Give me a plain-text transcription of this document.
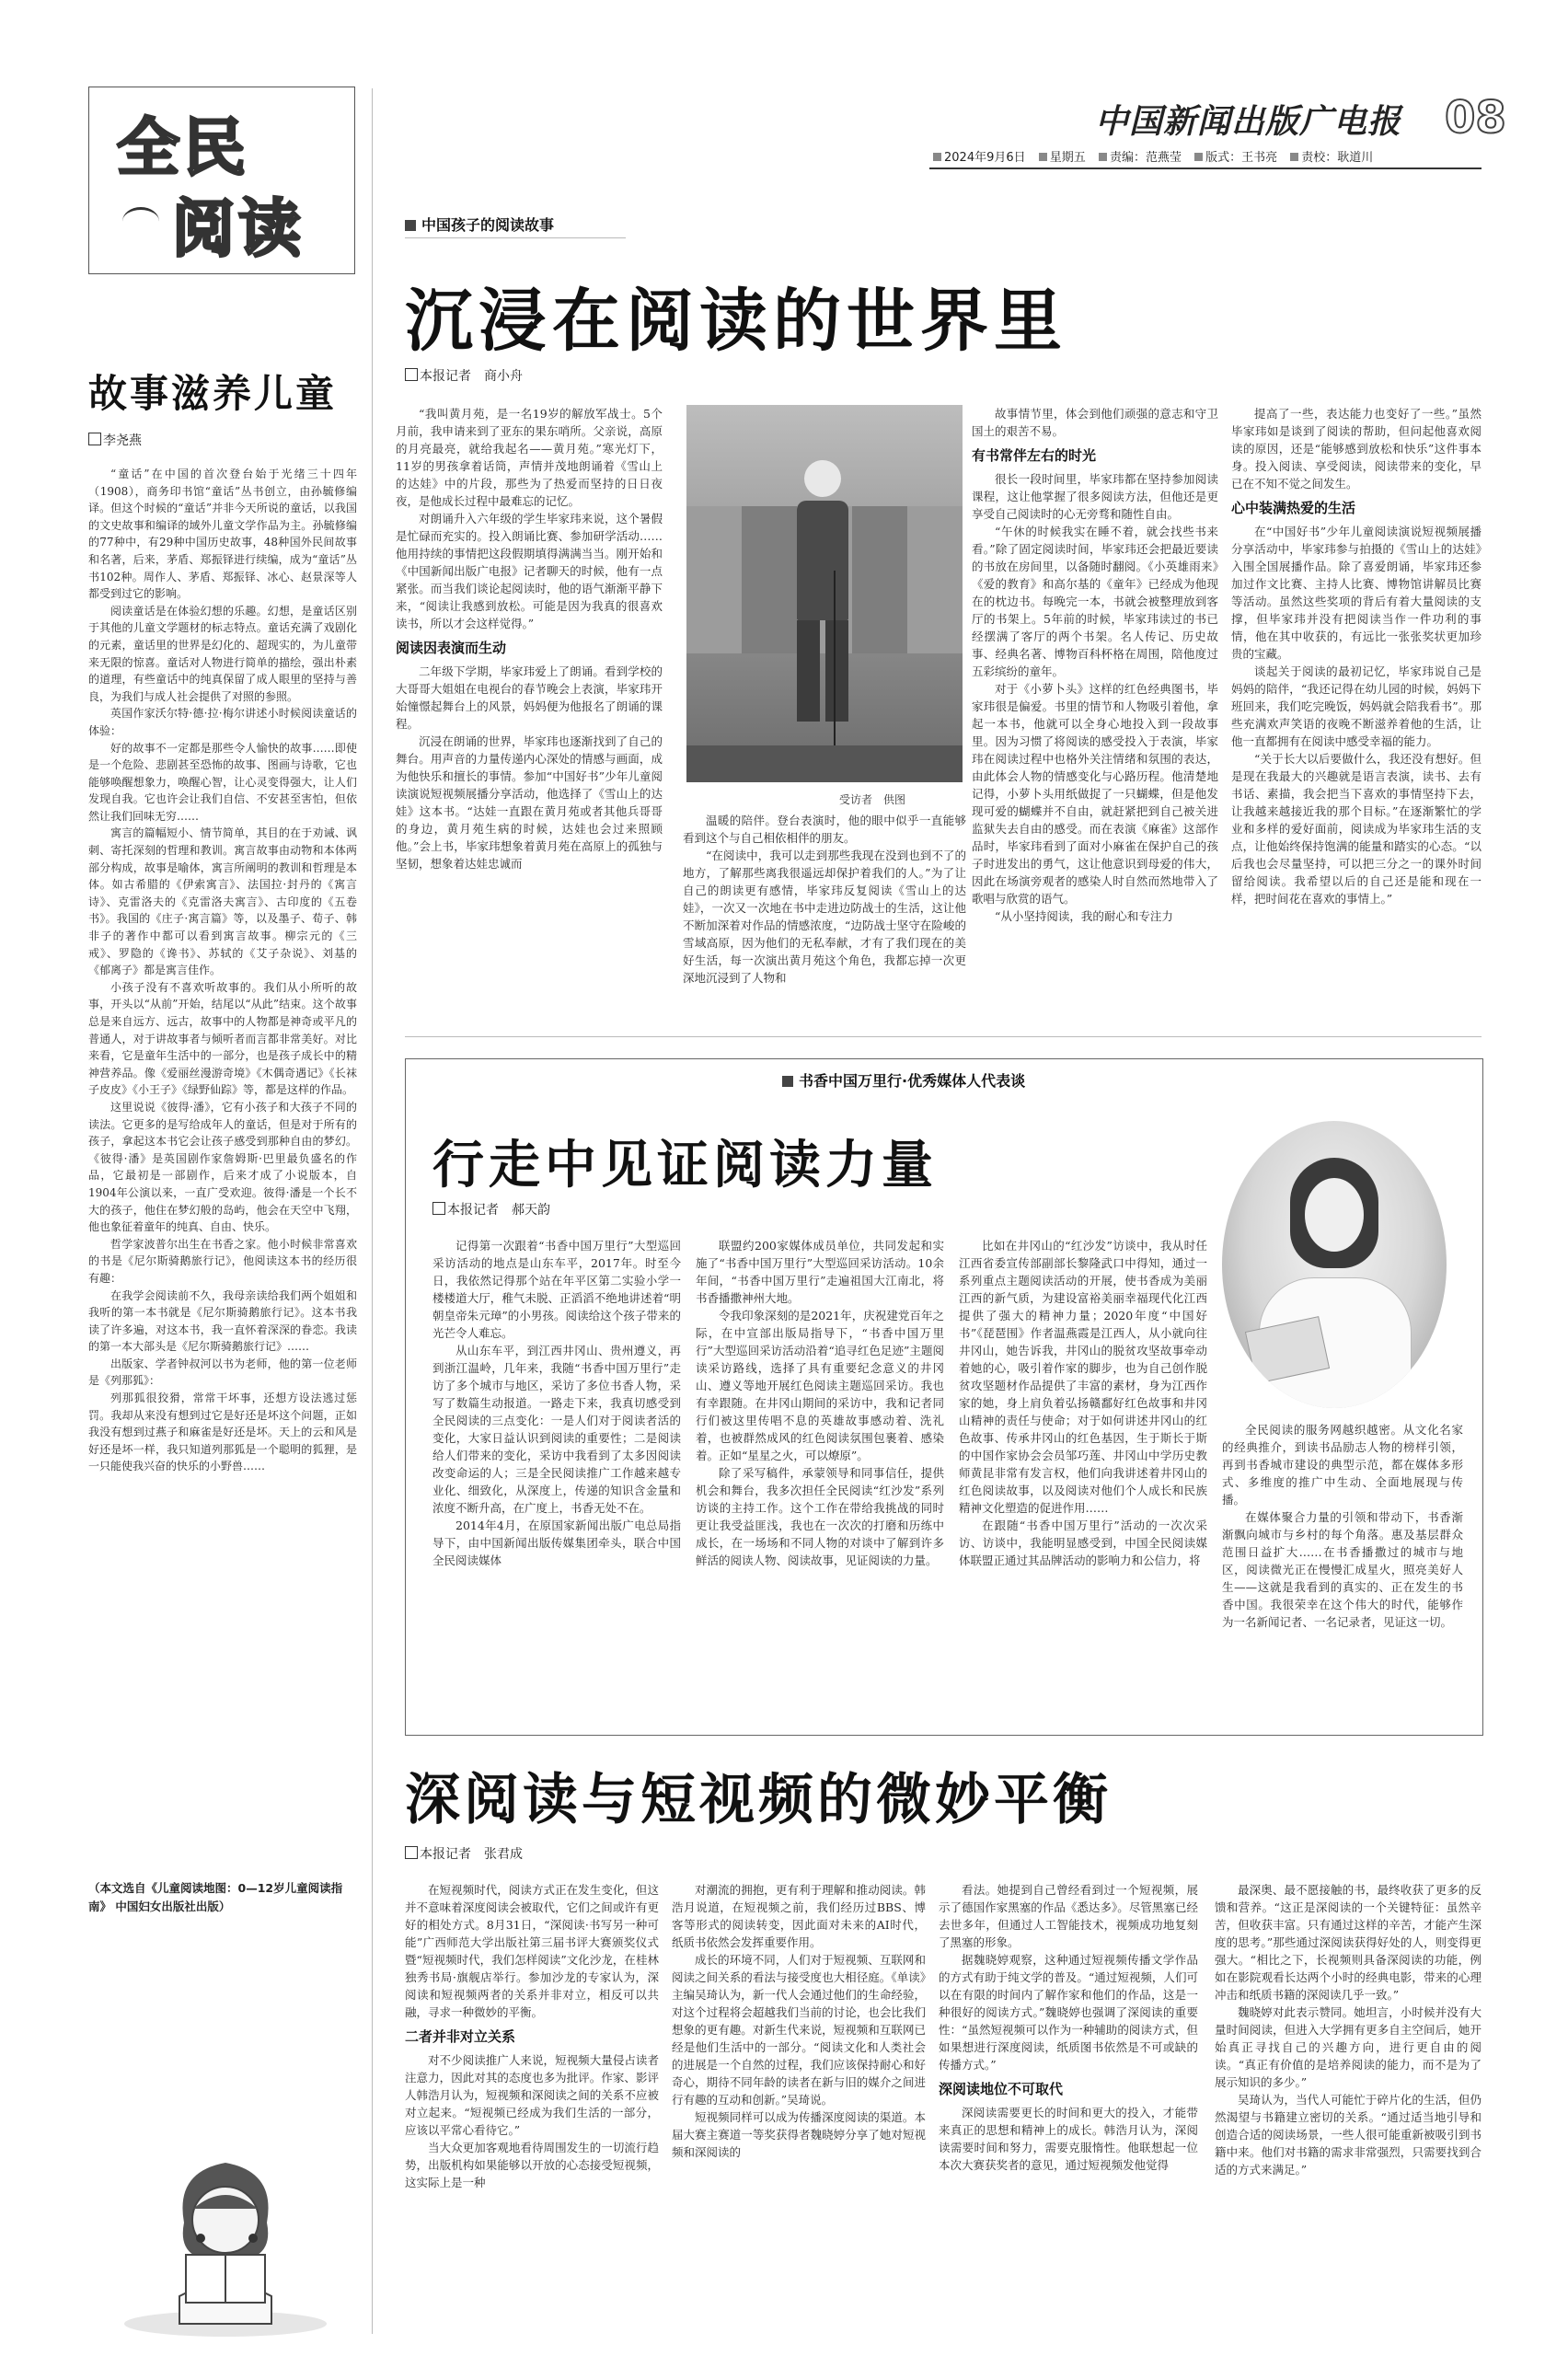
全民
阅读
故事滋养儿童
李尧燕

“童话”在中国的首次登台始于光绪三十四年（1908），商务印书馆“童话”丛书创立，由孙毓修编译。但这个时候的“童话”并非今天所说的童话，以我国的文史故事和编译的域外儿童文学作品为主。孙毓修编的77种中，有29种中国历史故事，48种国外民间故事和名著，后来，茅盾、郑振铎进行续编，成为“童话”丛书102种。周作人、茅盾、郑振铎、冰心、赵景深等人都受到过它的影响。

阅读童话是在体验幻想的乐趣。幻想，是童话区别于其他的儿童文学题材的标志特点。童话充满了戏剧化的元素，童话里的世界是幻化的、超现实的，为儿童带来无限的惊喜。童话对人物进行简单的描绘，强出朴素的道理，有些童话中的纯真保留了成人眼里的坚持与善良，为我们与成人社会提供了对照的参照。

英国作家沃尔特·德·拉·梅尔讲述小时候阅读童话的体验：

好的故事不一定都是那些令人愉快的故事……即使是一个危险、悲剧甚至恐怖的故事、图画与诗歌，它也能够唤醒想象力，唤醒心智，让心灵变得强大，让人们发现自我。它也许会让我们自信、不安甚至害怕，但依然让我们回味无穷……

寓言的篇幅短小、情节简单，其目的在于劝诫、讽刺、寄托深刻的哲理和教训。寓言故事由动物和本体两部分构成，故事是喻体，寓言所阐明的教训和哲理是本体。如古希腊的《伊索寓言》、法国拉·封丹的《寓言诗》、克雷洛夫的《克雷洛夫寓言》、古印度的《五卷书》。我国的《庄子·寓言篇》等，以及墨子、荀子、韩非子的著作中都可以看到寓言故事。柳宗元的《三戒》、罗隐的《谗书》、苏轼的《艾子杂说》、刘基的《郁离子》都是寓言佳作。

小孩子没有不喜欢听故事的。我们从小所听的故事，开头以“从前”开始，结尾以“从此”结束。这个故事总是来自远方、远古，故事中的人物都是神奇或平凡的普通人，对于讲故事者与倾听者而言都非常美好。对比来看，它是童年生活中的一部分，也是孩子成长中的精神营养品。像《爱丽丝漫游奇境》《木偶奇遇记》《长袜子皮皮》《小王子》《绿野仙踪》等，都是这样的作品。

这里说说《彼得·潘》，它有小孩子和大孩子不同的读法。它更多的是写给成年人的童话，但是对于所有的孩子，拿起这本书它会让孩子感受到那种自由的梦幻。《彼得·潘》是英国剧作家詹姆斯·巴里最负盛名的作品，它最初是一部剧作，后来才成了小说版本，自1904年公演以来，一直广受欢迎。彼得·潘是一个长不大的孩子，他住在梦幻般的岛屿，他会在天空中飞翔，他也象征着童年的纯真、自由、快乐。

哲学家波普尔出生在书香之家。他小时候非常喜欢的书是《尼尔斯骑鹅旅行记》，他阅读这本书的经历很有趣：

在我学会阅读前不久，我母亲读给我们两个姐姐和我听的第一本书就是《尼尔斯骑鹅旅行记》。这本书我读了许多遍，对这本书，我一直怀着深深的眷恋。我读的第一本大部头是《尼尔斯骑鹅旅行记》……

出版家、学者钟叔河以书为老师，他的第一位老师是《列那狐》：

列那狐很狡猾，常常干坏事，还想方设法逃过惩罚。我却从来没有想到过它是好还是坏这个问题，正如我没有想到过燕子和麻雀是好还是坏。天上的云和风是好还是坏一样，我只知道列那狐是一个聪明的狐狸，是一只能使我兴奋的快乐的小野兽……

（本文选自《儿童阅读地图：0—12岁儿童阅读指南》 中国妇女出版社出版）
中国新闻出版广电报 08
2024年9月6日 星期五 责编：范燕莹 版式：王书亮 责校：耿道川
中国孩子的阅读故事
沉浸在阅读的世界里
本报记者　 商小舟

“我叫黄月苑，是一名19岁的解放军战士。5个月前，我申请来到了亚东的果东哨所。父亲说，高原的月亮最亮，就给我起名——黄月苑。”寒光灯下，11岁的男孩拿着话筒，声情并茂地朗诵着《雪山上的达娃》中的片段，那些为了热爱而坚持的日日夜夜，是他成长过程中最难忘的记忆。

对朗诵升入六年级的学生毕家玮来说，这个暑假是忙碌而充实的。投入朗诵比赛、参加研学活动……他用持续的事情把这段假期填得满满当当。刚开始和《中国新闻出版广电报》记者聊天的时候，他有一点紧张。而当我们谈论起阅读时，他的语气渐渐平静下来，“阅读让我感到放松。可能是因为我真的很喜欢读书，所以才会这样觉得。”

阅读因表演而生动

二年级下学期，毕家玮爱上了朗诵。看到学校的大哥哥大姐姐在电视台的春节晚会上表演，毕家玮开始憧憬起舞台上的风景，妈妈便为他报名了朗诵的课程。

沉浸在朗诵的世界，毕家玮也逐渐找到了自己的舞台。用声音的力量传递内心深处的情感与画面，成为他快乐和擅长的事情。参加“中国好书”少年儿童阅读演说短视频展播分享活动，他选择了《雪山上的达娃》这本书。“达娃一直跟在黄月苑或者其他兵哥哥的身边，黄月苑生病的时候，达娃也会过来照顾他。”会上书，毕家玮想象着黄月苑在高原上的孤独与坚韧，想象着达娃忠诚而

受访者　供图

温暖的陪伴。登台表演时，他的眼中似乎一直能够看到这个与自己相依相伴的朋友。

“在阅读中，我可以走到那些我现在没到也到不了的地方，了解那些离我很遥远却保护着我们的人。”为了让自己的朗读更有感情，毕家玮反复阅读《雪山上的达娃》，一次又一次地在书中走进边防战士的生活，这让他不断加深着对作品的情感浓度，“边防战士坚守在险峻的雪域高原，因为他们的无私奉献，才有了我们现在的美好生活，每一次演出黄月苑这个角色，我都忘掉一次更深地沉浸到了人物和

故事情节里，体会到他们顽强的意志和守卫国土的艰苦不易。

有书常伴左右的时光

很长一段时间里，毕家玮都在坚持参加阅读课程，这让他掌握了很多阅读方法，但他还是更享受自己阅读时的心无旁骛和随性自由。

“午休的时候我实在睡不着，就会找些书来看。”除了固定阅读时间，毕家玮还会把最近要读的书放在房间里，以备随时翻阅。《小英雄雨来》《爱的教育》和高尔基的《童年》已经成为他现在的枕边书。每晚完一本，书就会被整理放到客厅的书架上。5年前的时候，毕家玮读过的书已经摆满了客厅的两个书架。名人传记、历史故事、经典名著、博物百科杯格在周围，陪他度过五彩缤纷的童年。

对于《小萝卜头》这样的红色经典图书，毕家玮很是偏爱。书里的情节和人物吸引着他，拿起一本书，他就可以全身心地投入到一段故事里。因为习惯了将阅读的感受投入于表演，毕家玮在阅读过程中也格外关注情绪和氛围的表达，由此体会人物的情感变化与心路历程。他清楚地记得，小萝卜头用纸做捉了一只蝴蝶，但是他发现可爱的蝴蝶并不自由，就赶紧把到自己被关进监狱失去自由的感受。而在表演《麻雀》这部作品时，毕家玮看到了面对小麻雀在保护自己的孩子时进发出的勇气，这让他意识到母爱的伟大，因此在场演旁观者的感染人时自然而然地带入了歌唱与欣赏的语气。

“从小坚持阅读，我的耐心和专注力

提高了一些，表达能力也变好了一些。”虽然毕家玮如是谈到了阅读的帮助，但问起他喜欢阅读的原因，还是“能够感到放松和快乐”这件事本身。投入阅读、享受阅读，阅读带来的变化，早已在不知不觉之间发生。

心中装满热爱的生活

在“中国好书”少年儿童阅读演说短视频展播分享活动中，毕家玮参与拍摄的《雪山上的达娃》入围全国展播作品。除了喜爱朗诵，毕家玮还参加过作文比赛、主持人比赛、博物馆讲解员比赛等活动。虽然这些奖项的背后有着大量阅读的支撑，但毕家玮并没有把阅读当作一件功利的事情，他在其中收获的，有远比一张张奖状更加珍贵的宝藏。

谈起关于阅读的最初记忆，毕家玮说自己是妈妈的陪伴，“我还记得在幼儿园的时候，妈妈下班回来，我们吃完晚饭，妈妈就会陪我看书”。那些充满欢声笑语的夜晚不断滋养着他的生活，让他一直都拥有在阅读中感受幸福的能力。

“关于长大以后要做什么，我还没有想好。但是现在我最大的兴趣就是语言表演，读书、去有书话、素描，我会把当下喜欢的事情坚持下去，让我越来越接近我的那个目标。”在逐渐繁忙的学业和多样的爱好面前，阅读成为毕家玮生活的支点，让他始终保持饱满的能量和踏实的心态。“以后我也会尽量坚持，可以把三分之一的课外时间留给阅读。我希望以后的自己还是能和现在一样，把时间花在喜欢的事情上。”

书香中国万里行·优秀媒体人代表谈
行走中见证阅读力量
本报记者　 郝天韵

记得第一次跟着“书香中国万里行”大型巡回采访活动的地点是山东车平，2017年。时至今日，我依然记得那个站在年平区第二实验小学一楼楼道大厅，稚气未脱、正滔滔不绝地讲述着“明朝皇帝朱元璋”的小男孩。阅读给这个孩子带来的光芒令人难忘。

从山东车平，到江西井冈山、贵州遵义，再到浙江温岭，几年来，我随“书香中国万里行”走访了多个城市与地区，采访了多位书香人物，采写了数篇生动报道。一路走下来，我真切感受到全民阅读的三点变化：一是人们对于阅读者活的变化，大家日益认识到阅读的重要性；二是阅读给人们带来的变化，采访中我看到了太多因阅读改变命运的人；三是全民阅读推广工作越来越专业化、细致化，从深度上，传递的知识含金量和浓度不断升高，在广度上，书香无处不在。

2014年4月，在原国家新闻出版广电总局指导下，由中国新闻出版传媒集团牵头，联合中国全民阅读媒体

联盟约200家媒体成员单位，共同发起和实施了“书香中国万里行”大型巡回采访活动。10余年间，“书香中国万里行”走遍祖国大江南北，将书香播撒神州大地。

令我印象深刻的是2021年，庆祝建党百年之际，在中宣部出版局指导下，“书香中国万里行”大型巡回采访活动沿着“追寻红色足迹”主题阅读采访路线，选择了具有重要纪念意义的井冈山、遵义等地开展红色阅读主题巡回采访。我也有幸跟随。在井冈山期间的采访中，我和记者同行们被这里传唱不息的英雄故事感动着、洗礼着，也被群然成风的红色阅读氛围包裹着、感染着。正如“星星之火，可以燎原”。

除了采写稿件，承蒙领导和同事信任，提供机会和舞台，我多次担任全民阅读“红沙发”系列访谈的主持工作。这个工作在带给我挑战的同时更让我受益匪浅，我也在一次次的打磨和历练中成长，在一场场和不同人物的对谈中了解到许多鲜活的阅读人物、阅读故事，见证阅读的力量。

比如在井冈山的“红沙发”访谈中，我从时任江西省委宣传部副部长黎隆武口中得知，通过一系列重点主题阅读活动的开展，使书香成为美丽江西的新气质，为建设富裕美丽幸福现代化江西提供了强大的精神力量；2020年度“中国好书”《琵琶围》作者温燕霞是江西人，从小就向往井冈山，她告诉我，井冈山的脱贫攻坚故事牵动着她的心，吸引着作家的脚步，也为自己创作脱贫攻坚题材作品提供了丰富的素材，身为江西作家的她，身上肩负着弘扬赣鄱好红色故事和井冈山精神的责任与使命；对于如何讲述井冈山的红色故事、传承井冈山的红色基因，生于斯长于斯的中国作家协会会员邹巧莲、井冈山中学历史教师黄昆非常有发言权，他们向我讲述着井冈山的红色阅读故事，以及阅读对他们个人成长和民族精神文化塑造的促进作用……

在跟随“书香中国万里行”活动的一次次采访、访谈中，我能明显感受到，中国全民阅读媒体联盟正通过其品牌活动的影响力和公信力，将

全民阅读的服务网越织越密。从文化名家的经典推介，到读书品励志人物的榜样引领，再到书香城市建设的典型示范，都在媒体多形式、多维度的推广中生动、全面地展现与传播。

在媒体聚合力量的引领和带动下，书香渐渐飘向城市与乡村的每个角落。惠及基层群众范围日益扩大……在书香播撒过的城市与地区，阅读微光正在慢慢汇成星火，照亮美好人生——这就是我看到的真实的、正在发生的书香中国。我很荣幸在这个伟大的时代，能够作为一名新闻记者、一名记录者，见证这一切。

深阅读与短视频的微妙平衡
本报记者　 张君成

在短视频时代，阅读方式正在发生变化，但这并不意味着深度阅读会被取代，它们之间或许有更好的相处方式。8月31日，“深阅读·书写另一种可能”广西师范大学出版社第三届书评大赛颁奖仪式暨“短视频时代，我们怎样阅读”文化沙龙，在桂林独秀书局·旗舰店举行。参加沙龙的专家认为，深阅读和短视频两者的关系并非对立，相反可以共融，寻求一种微妙的平衡。

二者并非对立关系

对不少阅读推广人来说，短视频大量侵占读者注意力，因此对其的态度也多为批评。作家、影评人韩浩月认为，短视频和深阅读之间的关系不应被对立起来。“短视频已经成为我们生活的一部分，应该以平常心看待它。”

当大众更加客观地看待周围发生的一切流行趋势，出版机构如果能够以开放的心态接受短视频，这实际上是一种

对潮流的拥抱，更有利于理解和推动阅读。韩浩月说道，在短视频之前，我们经历过BBS、博客等形式的阅读转变，因此面对未来的AI时代，纸质书依然会发挥重要作用。

成长的环境不同，人们对于短视频、互联网和阅读之间关系的看法与接受度也大相径庭。《单读》主编吴琦认为，新一代人会通过他们的生命经验，对这个过程将会超越我们当前的讨论，也会比我们想象的更有趣。对新生代来说，短视频和互联网已经是他们生活中的一部分。“阅读文化和人类社会的进展是一个自然的过程，我们应该保持耐心和好奇心，期待不同年龄的读者在新与旧的媒介之间进行有趣的互动和创新。”吴琦说。

短视频同样可以成为传播深度阅读的渠道。本届大赛主赛道一等奖获得者魏晓婷分享了她对短视频和深阅读的

看法。她提到自己曾经看到过一个短视频，展示了德国作家黑塞的作品《悉达多》。尽管黑塞已经去世多年，但通过人工智能技术，视频成功地复刻了黑塞的形象。

据魏晓婷观察，这种通过短视频传播文学作品的方式有助于纯文学的普及。“通过短视频，人们可以在有限的时间内了解作家和他们的作品，这是一种很好的阅读方式。”魏晓婷也强调了深阅读的重要性：“虽然短视频可以作为一种辅助的阅读方式，但如果想进行深度阅读，纸质图书依然是不可或缺的传播方式。”

深阅读地位不可取代

深阅读需要更长的时间和更大的投入，才能带来真正的思想和精神上的成长。韩浩月认为，深阅读需要时间和努力，需要克服惰性。他联想起一位本次大赛获奖者的意见，通过短视频发他觉得

最深奥、最不愿接触的书，最终收获了更多的反馈和营养。“这正是深阅读的一个关键特征：虽然辛苦，但收获丰富。只有通过这样的辛苦，才能产生深度的思考。”那些通过深阅读获得好处的人，则变得更强大。“相比之下，长视频则具备深阅读的功能，例如在影院观看长达两个小时的经典电影，带来的心理冲击和纸质书籍的深阅读几乎一致。”

魏晓婷对此表示赞同。她坦言，小时候并没有大量时间阅读，但进入大学拥有更多自主空间后，她开始真正寻找自己的兴趣方向，进行更自由的阅读。“真正有价值的是培养阅读的能力，而不是为了展示知识的多少。”

吴琦认为，当代人可能忙于碎片化的生活，但仍然渴望与书籍建立密切的关系。“通过适当地引导和创造合适的阅读场景，一些人很可能重新被吸引到书籍中来。他们对书籍的需求非常强烈，只需要找到合适的方式来满足。”
